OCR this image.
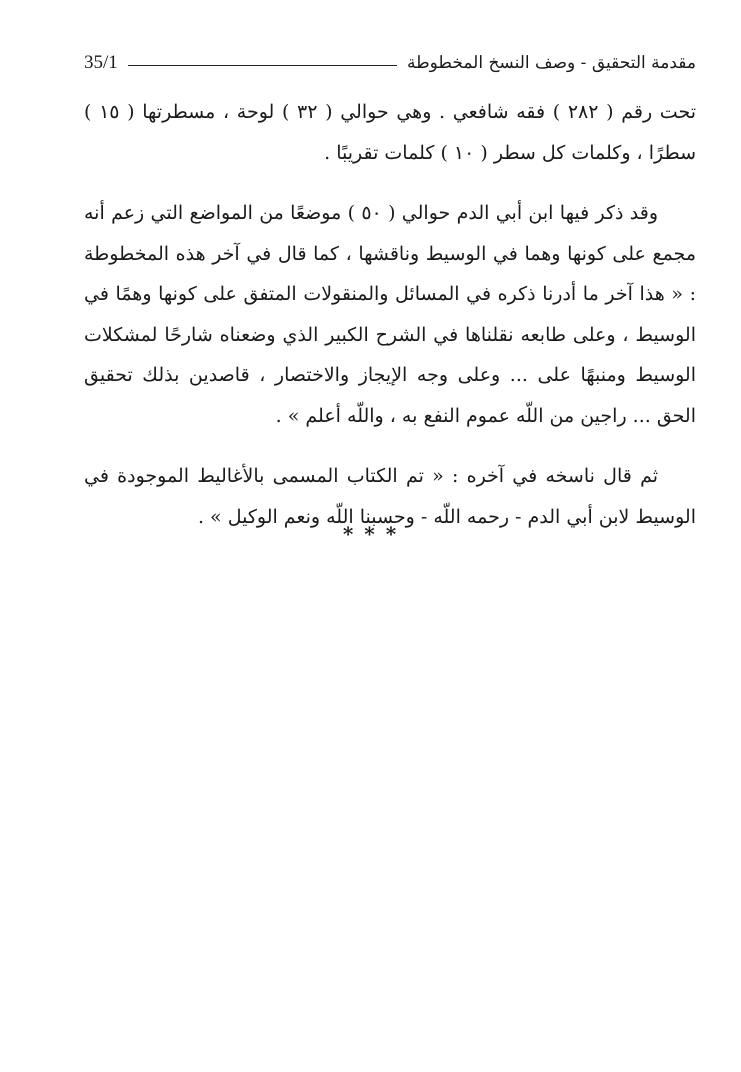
مقدمة التحقيق - وصف النسخ المخطوطة
35/1

تحت رقم ( ٢٨٢ ) فقه شافعي . وهي حوالي ( ٣٢ ) لوحة ، مسطرتها ( ١٥ ) سطرًا ، وكلمات كل سطر ( ١٠ ) كلمات تقريبًا .

وقد ذكر فيها ابن أبي الدم حوالي ( ٥٠ ) موضعًا من المواضع التي زعم أنه مجمع على كونها وهما في الوسيط وناقشها ، كما قال في آخر هذه المخطوطة : « هذا آخر ما أدرنا ذكره في المسائل والمنقولات المتفق على كونها وهمًا في الوسيط ، وعلى طابعه نقلناها في الشرح الكبير الذي وضعناه شارحًا لمشكلات الوسيط ومنبهًا على ... وعلى وجه الإيجاز والاختصار ، قاصدين بذلك تحقيق الحق ... راجين من اللّه عموم النفع به ، واللّه أعلم » .

ثم قال ناسخه في آخره : « تم الكتاب المسمى بالأغاليط الموجودة في الوسيط لابن أبي الدم - رحمه اللّه - وحسبنا اللّه ونعم الوكيل » .

* * *
